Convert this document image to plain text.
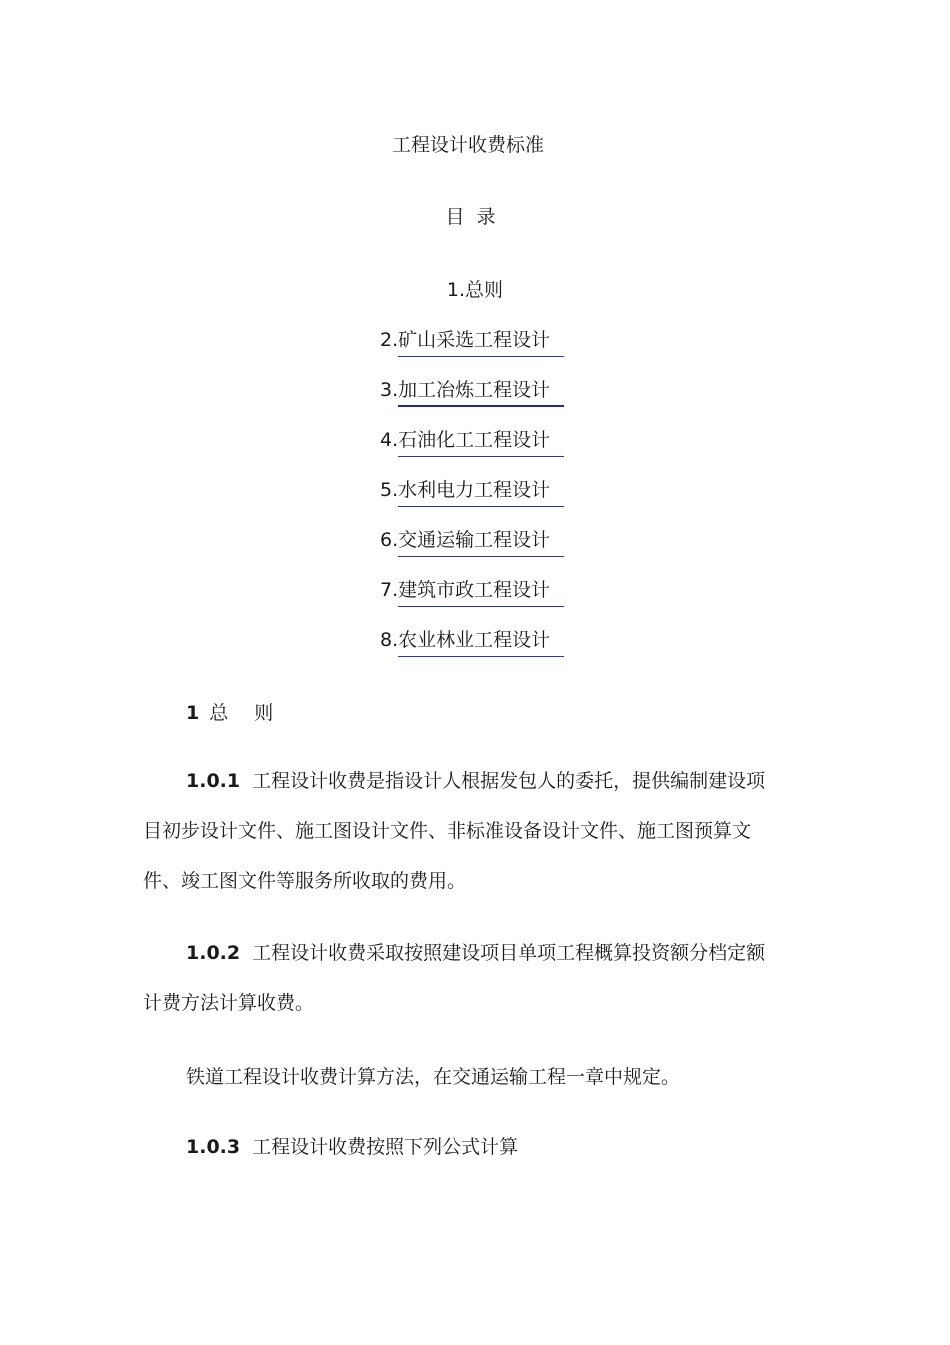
工程设计收费标准
目 录
1.总则
2.矿山采选工程设计
3.加工冶炼工程设计
4.石油化工工程设计
5.水利电力工程设计
6.交通运输工程设计
7.建筑市政工程设计
8.农业林业工程设计
1 总 则
1.0.1 工程设计收费是指设计人根据发包人的委托，提供编制建设项目初步设计文件、施工图设计文件、非标准设备设计文件、施工图预算文件、竣工图文件等服务所收取的费用。
1.0.2 工程设计收费采取按照建设项目单项工程概算投资额分档定额计费方法计算收费。
铁道工程设计收费计算方法，在交通运输工程一章中规定。
1.0.3 工程设计收费按照下列公式计算
